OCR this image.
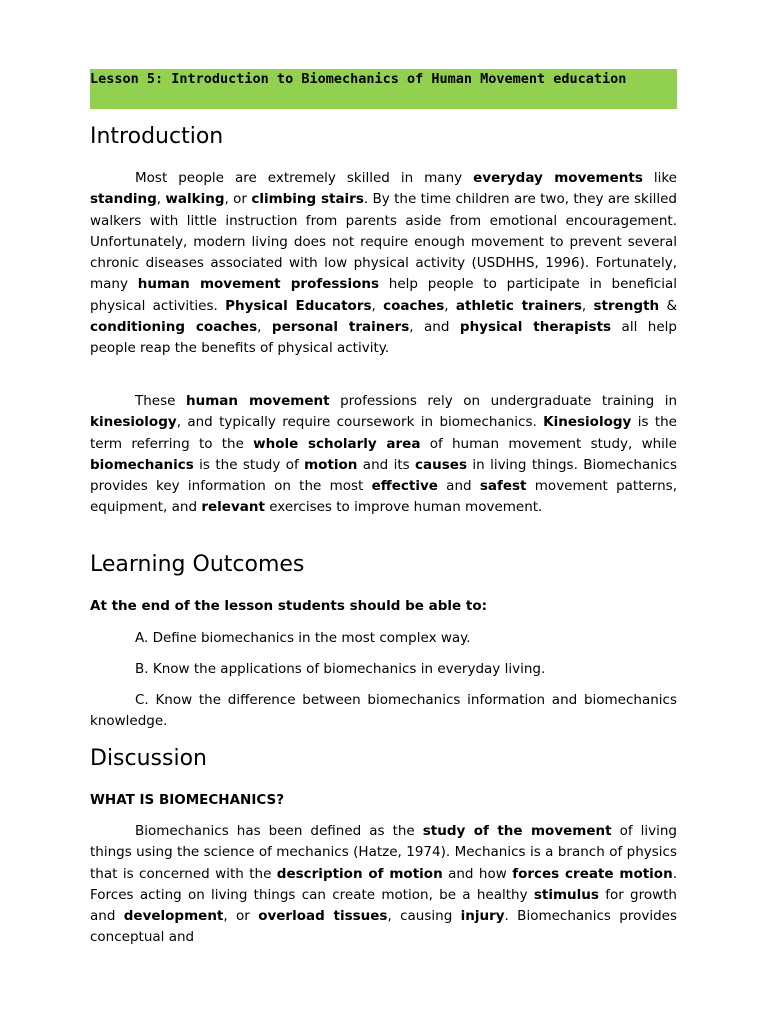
Lesson 5: Introduction to Biomechanics of Human Movement education
Introduction

Most people are extremely skilled in many everyday movements like standing, walking, or climbing stairs. By the time children are two, they are skilled walkers with little instruction from parents aside from emotional encouragement. Unfortunately, modern living does not require enough movement to prevent several chronic diseases associated with low physical activity (USDHHS, 1996). Fortunately, many human movement professions help people to participate in beneficial physical activities. Physical Educators, coaches, athletic trainers, strength & conditioning coaches, personal trainers, and physical therapists all help people reap the benefits of physical activity.

These human movement professions rely on undergraduate training in kinesiology, and typically require coursework in biomechanics. Kinesiology is the term referring to the whole scholarly area of human movement study, while biomechanics is the study of motion and its causes in living things. Biomechanics provides key information on the most effective and safest movement patterns, equipment, and relevant exercises to improve human movement.

Learning Outcomes

At the end of the lesson students should be able to:

A. Define biomechanics in the most complex way.

B. Know the applications of biomechanics in everyday living.

C. Know the difference between biomechanics information and biomechanics knowledge.

Discussion

WHAT IS BIOMECHANICS?

Biomechanics has been defined as the study of the movement of living things using the science of mechanics (Hatze, 1974). Mechanics is a branch of physics that is concerned with the description of motion and how forces create motion. Forces acting on living things can create motion, be a healthy stimulus for growth and development, or overload tissues, causing injury. Biomechanics provides conceptual and
